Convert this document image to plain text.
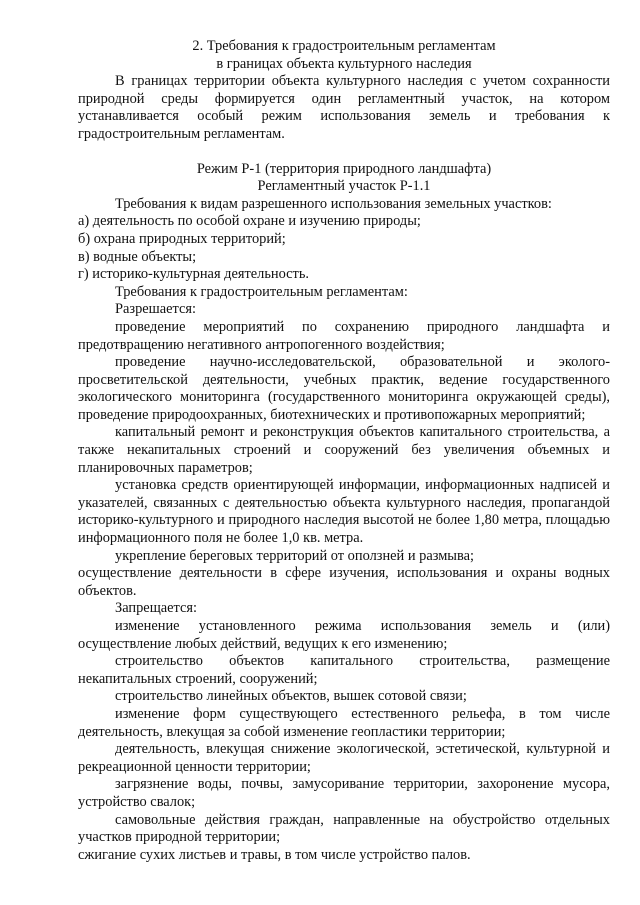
2. Требования к градостроительным регламентам
в границах объекта культурного наследия

В границах территории объекта культурного наследия с учетом сохранности природной среды формируется один регламентный участок, на котором устанавливается особый режим использования земель и требования к градостроительным регламентам.

Режим Р-1 (территория природного ландшафта)
Регламентный участок Р-1.1

Требования к видам разрешенного использования земельных участков:

а) деятельность по особой охране и изучению природы;

б) охрана природных территорий;

в) водные объекты;

г) историко-культурная деятельность.

Требования к градостроительным регламентам:

Разрешается:

проведение мероприятий по сохранению природного ландшафта и предотвращению негативного антропогенного воздействия;

проведение научно-исследовательской, образовательной и эколого-просветительской деятельности, учебных практик, ведение государственного экологического мониторинга (государственного мониторинга окружающей среды), проведение природоохранных, биотехнических и противопожарных мероприятий;

капитальный ремонт и реконструкция объектов капитального строительства, а также некапитальных строений и сооружений без увеличения объемных и планировочных параметров;

установка средств ориентирующей информации, информационных надписей и указателей, связанных с деятельностью объекта культурного наследия, пропагандой историко-культурного и природного наследия высотой не более 1,80 метра, площадью информационного поля не более 1,0 кв. метра.

укрепление береговых территорий от оползней и размыва;

осуществление деятельности в сфере изучения, использования и охраны водных объектов.

Запрещается:

изменение установленного режима использования земель и (или) осуществление любых действий, ведущих к его изменению;

строительство объектов капитального строительства, размещение некапитальных строений, сооружений;

строительство линейных объектов, вышек сотовой связи;

изменение форм существующего естественного рельефа, в том числе деятельность, влекущая за собой изменение геопластики территории;

деятельность, влекущая снижение экологической, эстетической, культурной и рекреационной ценности территории;

загрязнение воды, почвы, замусоривание территории, захоронение мусора, устройство свалок;

самовольные действия граждан, направленные на обустройство отдельных участков природной территории;

сжигание сухих листьев и травы, в том числе устройство палов.
